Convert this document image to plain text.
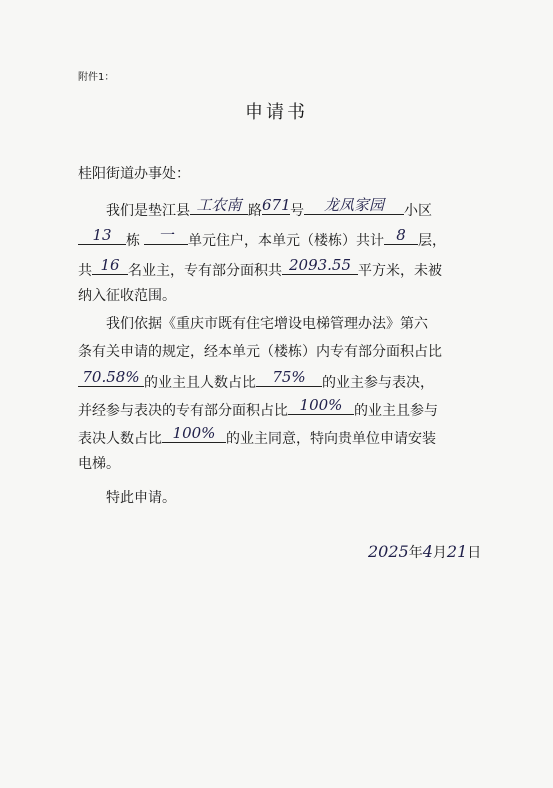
附件1：
申请书
桂阳街道办事处：
我们是垫江县 工农南 路 671 号	龙凤家园	小区
13	栋	一	单元住户，本单元（楼栋）共计 8 层，
共 16 名业主，专有部分面积共 2093.55 平方米，未被
纳入征收范围。
我们依据《重庆市既有住宅增设电梯管理办法》第六
条有关申请的规定，经本单元（楼栋）内专有部分面积占比
70.58% 的业主且人数占比	75%	的业主参与表决，
并经参与表决的专有部分面积占比 100% 的业主且参与
表决人数占比 100% 的业主同意，特向贵单位申请安装
电梯。
特此申请。
2025年4月21日
